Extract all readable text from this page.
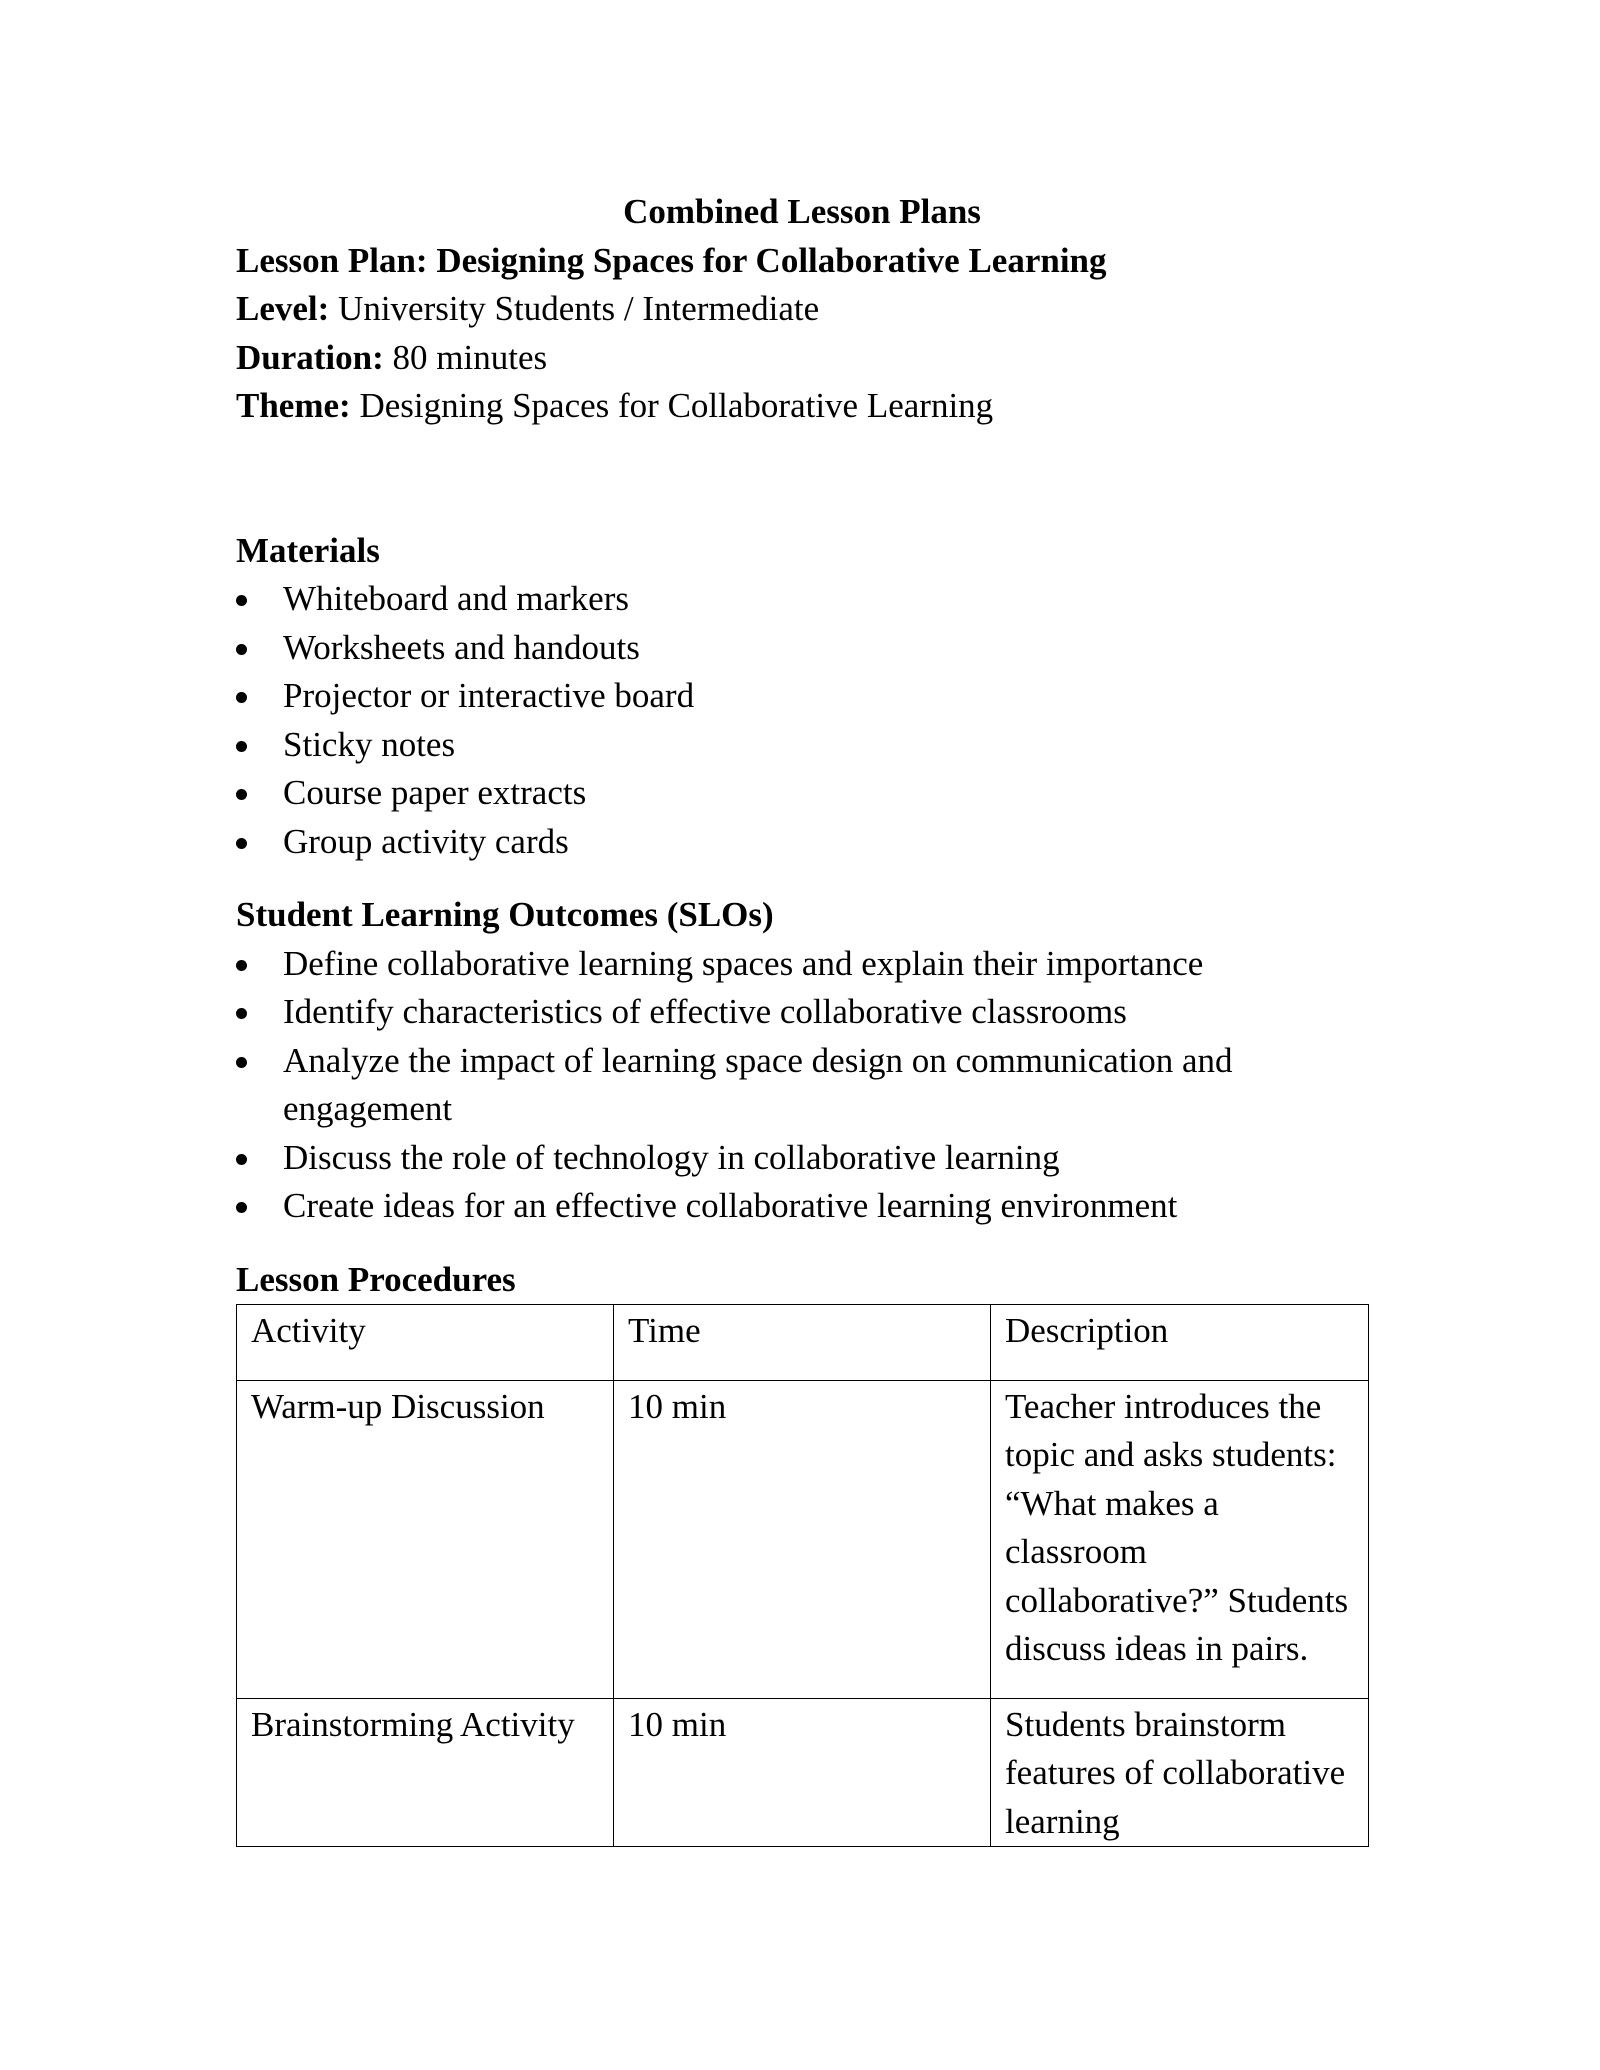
Combined Lesson Plans

Lesson Plan: Designing Spaces for Collaborative Learning

Level: University Students / Intermediate

Duration: 80 minutes

Theme: Designing Spaces for Collaborative Learning

Materials

Whiteboard and markers
Worksheets and handouts
Projector or interactive board
Sticky notes
Course paper extracts
Group activity cards

Student Learning Outcomes (SLOs)

Define collaborative learning spaces and explain their importance
Identify characteristics of effective collaborative classrooms
Analyze the impact of learning space design on communication and engagement
Discuss the role of technology in collaborative learning
Create ideas for an effective collaborative learning environment

Lesson Procedures

Activity	Time	Description
Warm-up Discussion	10 min	Teacher introduces the topic and asks students: “What makes a classroom collaborative?” Students discuss ideas in pairs.
Brainstorming Activity	10 min	Students brainstorm features of collaborative learning
